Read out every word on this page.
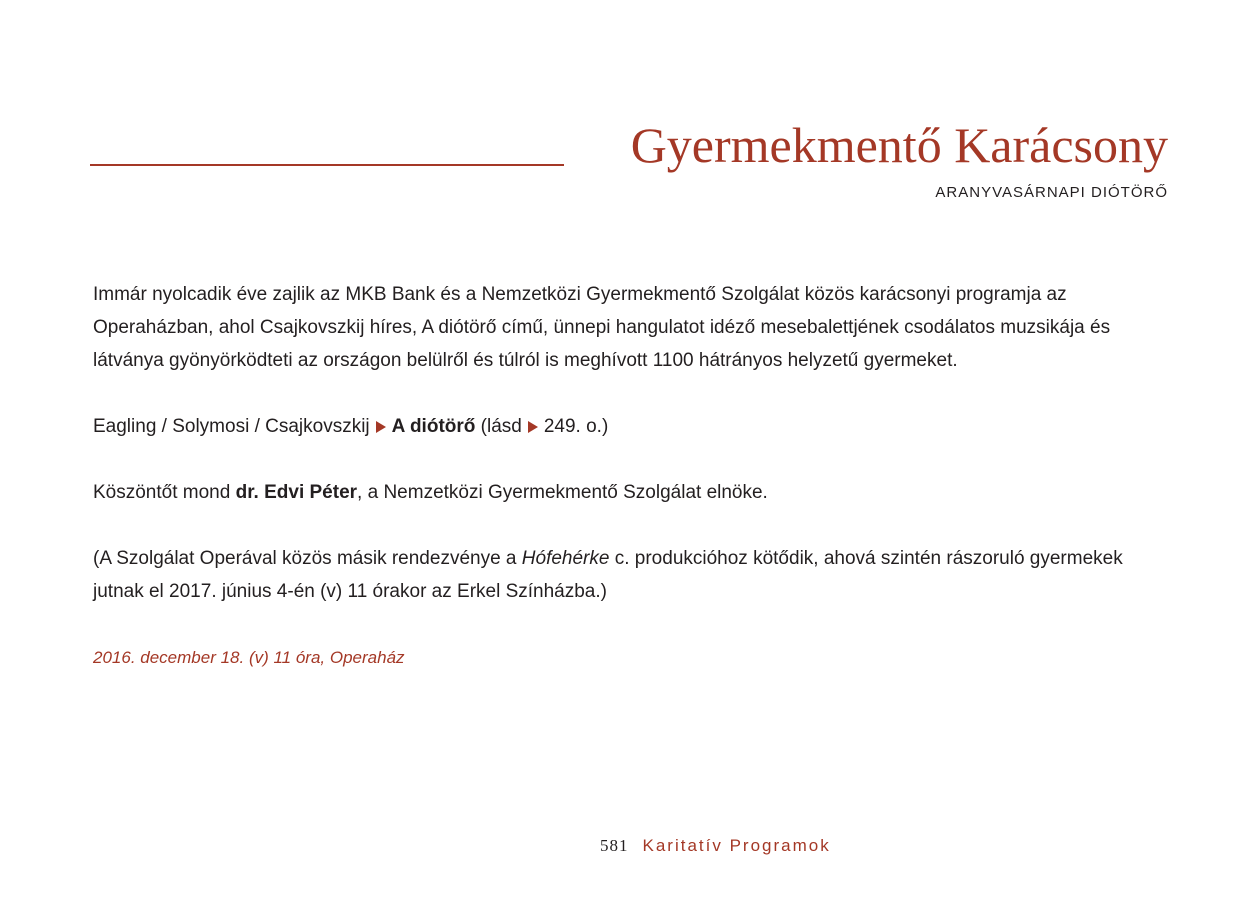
Gyermekmentő Karácsony
ARANYVASÁRNAPI DIÓTÖRŐ

Immár nyolcadik éve zajlik az MKB Bank és a Nemzetközi Gyermekmentő Szolgálat közös karácsonyi programja az Operaházban, ahol Csajkovszkij híres, A diótörő című, ünnepi hangulatot idéző mesebalettjének csodálatos muzsikája és látványa gyönyörködteti az országon belülről és túlról is meghívott 1100 hátrányos helyzetű gyermeket.

Eagling / Solymosi / Csajkovszkij A diótörő (lásd 249. o.)

Köszöntőt mond dr. Edvi Péter, a Nemzetközi Gyermekmentő Szolgálat elnöke.

(A Szolgálat Operával közös másik rendezvénye a Hófehérke c. produkcióhoz kötődik, ahová szintén rászoruló gyermekek jutnak el 2017. június 4-én (v) 11 órakor az Erkel Színházba.)

2016. december 18. (v) 11 óra, Operaház

581 Karitatív Programok
